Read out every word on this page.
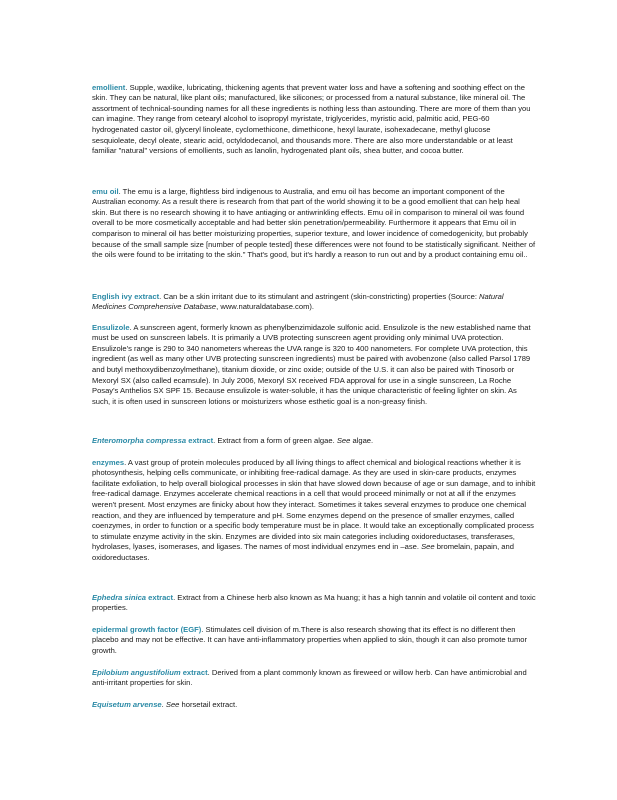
emollient. Supple, waxlike, lubricating, thickening agents that prevent water loss and have a softening and soothing effect on the skin. They can be natural, like plant oils; manufactured, like silicones; or processed from a natural substance, like mineral oil. The assortment of technical-sounding names for all these ingredients is nothing less than astounding. There are more of them than you can imagine. They range from cetearyl alcohol to isopropyl myristate, triglycerides, myristic acid, palmitic acid, PEG-60 hydrogenated castor oil, glyceryl linoleate, cyclomethicone, dimethicone, hexyl laurate, isohexadecane, methyl glucose sesquioleate, decyl oleate, stearic acid, octyldodecanol, and thousands more. There are also more understandable or at least familiar "natural" versions of emollients, such as lanolin, hydrogenated plant oils, shea butter, and cocoa butter.

emu oil. The emu is a large, flightless bird indigenous to Australia, and emu oil has become an important component of the Australian economy. As a result there is research from that part of the world showing it to be a good emollient that can help heal skin. But there is no research showing it to have antiaging or antiwrinkling effects. Emu oil in comparison to mineral oil was found overall to be more cosmetically acceptable and had better skin penetration/permeability. Furthermore it appears that Emu oil in comparison to mineral oil has better moisturizing properties, superior texture, and lower incidence of comedogenicity, but probably because of the small sample size [number of people tested] these differences were not found to be statistically significant. Neither of the oils were found to be irritating to the skin." That's good, but it's hardly a reason to run out and by a product containing emu oil..

English ivy extract. Can be a skin irritant due to its stimulant and astringent (skin-constricting) properties (Source: Natural Medicines Comprehensive Database, www.naturaldatabase.com).

Ensulizole. A sunscreen agent, formerly known as phenylbenzimidazole sulfonic acid. Ensulizole is the new established name that must be used on sunscreen labels. It is primarily a UVB protecting sunscreen agent providing only minimal UVA protection. Ensulizole's range is 290 to 340 nanometers whereas the UVA range is 320 to 400 nanometers. For complete UVA protection, this ingredient (as well as many other UVB protecting sunscreen ingredients) must be paired with avobenzone (also called Parsol 1789 and butyl methoxydibenzoylmethane), titanium dioxide, or zinc oxide; outside of the U.S. it can also be paired with Tinosorb or Mexoryl SX (also called ecamsule). In July 2006, Mexoryl SX received FDA approval for use in a single sunscreen, La Roche Posay's Anthelios SX SPF 15. Because ensulizole is water-soluble, it has the unique characteristic of feeling lighter on skin. As such, it is often used in sunscreen lotions or moisturizers whose esthetic goal is a non-greasy finish.

Enteromorpha compressa extract. Extract from a form of green algae. See algae.

enzymes. A vast group of protein molecules produced by all living things to affect chemical and biological reactions whether it is photosynthesis, helping cells communicate, or inhibiting free-radical damage. As they are used in skin-care products, enzymes facilitate exfoliation, to help overall biological processes in skin that have slowed down because of age or sun damage, and to inhibit free-radical damage. Enzymes accelerate chemical reactions in a cell that would proceed minimally or not at all if the enzymes weren't present. Most enzymes are finicky about how they interact. Sometimes it takes several enzymes to produce one chemical reaction, and they are influenced by temperature and pH. Some enzymes depend on the presence of smaller enzymes, called coenzymes, in order to function or a specific body temperature must be in place. It would take an exceptionally complicated process to stimulate enzyme activity in the skin. Enzymes are divided into six main categories including oxidoreductases, transferases, hydrolases, lyases, isomerases, and ligases. The names of most individual enzymes end in –ase. See bromelain, papain, and oxidoreductases.

Ephedra sinica extract. Extract from a Chinese herb also known as Ma huang; it has a high tannin and volatile oil content and toxic properties.

epidermal growth factor (EGF). Stimulates cell division of m.There is also research showing that its effect is no different then placebo and may not be effective. It can have anti-inflammatory properties when applied to skin, though it can also promote tumor growth.

Epilobium angustifolium extract. Derived from a plant commonly known as fireweed or willow herb. Can have antimicrobial and anti-irritant properties for skin.

Equisetum arvense. See horsetail extract.
